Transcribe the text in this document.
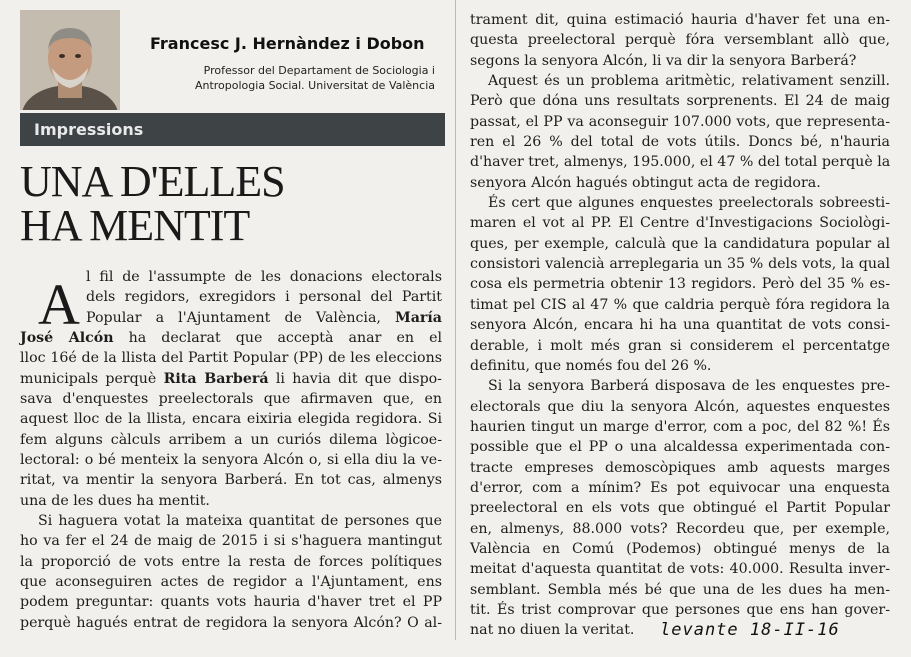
Francesc J. Hernàndez i Dobon
Professor del Departament de Sociologia i
Antropologia Social. Universitat de València
Impressions
UNA D'ELLES
HA MENTIT
A l fil de l'assumpte de les donacions electorals
dels regidors, exregidors i personal del Partit
Popular a l'Ajuntament de València, María
José Alcón ha declarat que acceptà anar en el
lloc 16é de la llista del Partit Popular (PP) de les eleccions
municipals perquè Rita Barberá li havia dit que dispo-
sava d'enquestes preelectorals que afirmaven que, en
aquest lloc de la llista, encara eixiria elegida regidora. Si
fem alguns càlculs arribem a un curiós dilema lògicoe-
lectoral: o bé menteix la senyora Alcón o, si ella diu la ve-
ritat, va mentir la senyora Barberá. En tot cas, almenys
una de les dues ha mentit.
Si haguera votat la mateixa quantitat de persones que
ho va fer el 24 de maig de 2015 i si s'haguera mantingut
la proporció de vots entre la resta de forces polítiques
que aconseguiren actes de regidor a l'Ajuntament, ens
podem preguntar: quants vots hauria d'haver tret el PP
perquè hagués entrat de regidora la senyora Alcón? O al-
trament dit, quina estimació hauria d'haver fet una en-
questa preelectoral perquè fóra versemblant allò que,
segons la senyora Alcón, li va dir la senyora Barberá?
Aquest és un problema aritmètic, relativament senzill.
Però que dóna uns resultats sorprenents. El 24 de maig
passat, el PP va aconseguir 107.000 vots, que representa-
ren el 26 % del total de vots útils. Doncs bé, n'hauria
d'haver tret, almenys, 195.000, el 47 % del total perquè la
senyora Alcón hagués obtingut acta de regidora.
És cert que algunes enquestes preelectorals sobreesti-
maren el vot al PP. El Centre d'Investigacions Sociològi-
ques, per exemple, calculà que la candidatura popular al
consistori valencià arreplegaria un 35 % dels vots, la qual
cosa els permetria obtenir 13 regidors. Però del 35 % es-
timat pel CIS al 47 % que caldria perquè fóra regidora la
senyora Alcón, encara hi ha una quantitat de vots consi-
derable, i molt més gran si considerem el percentatge
definitu, que només fou del 26 %.
Si la senyora Barberá disposava de les enquestes pre-
electorals que diu la senyora Alcón, aquestes enquestes
haurien tingut un marge d'error, com a poc, del 82 %! És
possible que el PP o una alcaldessa experimentada con-
tracte empreses demoscòpiques amb aquests marges
d'error, com a mínim? Es pot equivocar una enquesta
preelectoral en els vots que obtingué el Partit Popular
en, almenys, 88.000 vots? Recordeu que, per exemple,
València en Comú (Podemos) obtingué menys de la
meitat d'aquesta quantitat de vots: 40.000. Resulta inver-
semblant. Sembla més bé que una de les dues ha men-
tit. És trist comprovar que persones que ens han gover-
nat no diuen la veritat.	levante 18-II-16
